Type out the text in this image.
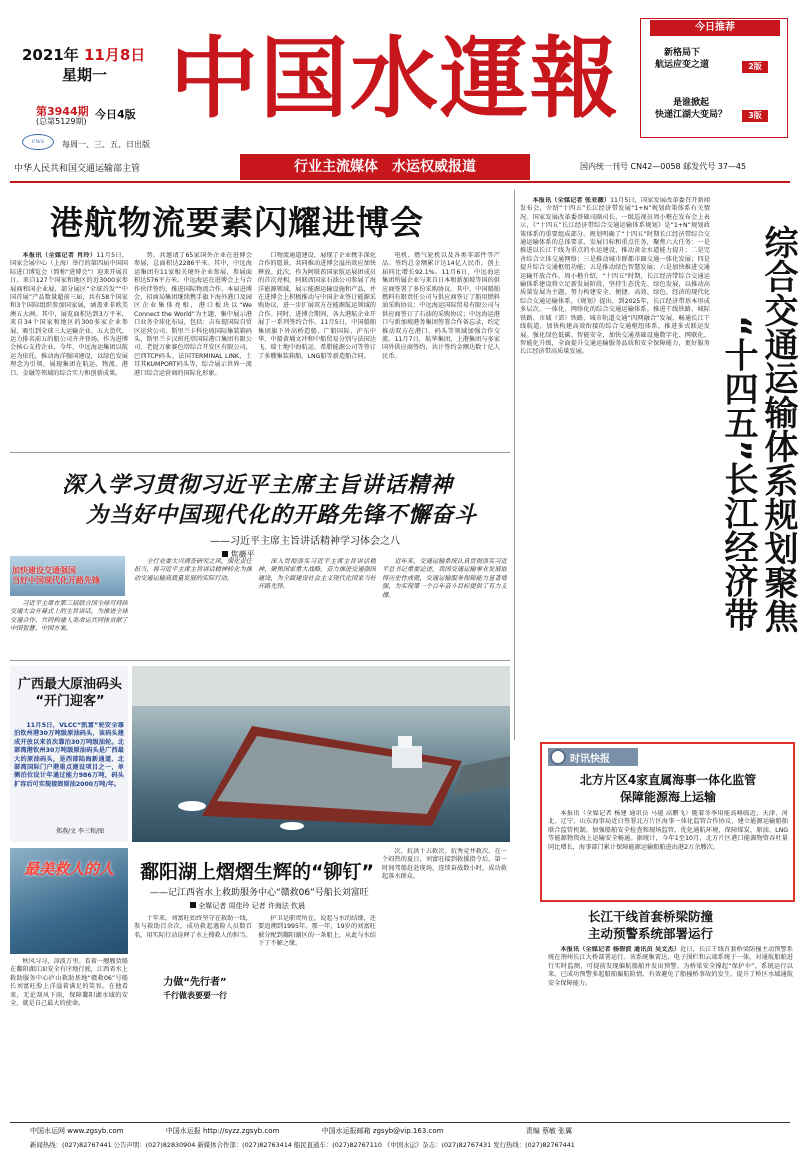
2021年 11月8日
星期一
第3944期
(总第5129期)
今日4版
CWS	每周一、三、五、日出版
中国水運報	今日推荐
新格局下
航运应变之道	2版
是谁掀起
快递江湖大变局？	3版
中华人民共和国交通运输部主管	行业主流媒体　 水运权威报道	国内统一刊号 CN42—0058 邮发代号 37—45
港航物流要素闪耀进博会

本报讯（全媒记者 肖玲）11月5日，国家会展中心（上海）举行的第四届中国国际进口博览会（简称“进博会”）迎来开展首日。来自127个国家和地区的近3000家参展商和国企业展，部分展区“全球首发”“中国首展”产品数量超前三届，共有58个国家和3个国际组织参加国家展，涵盖亚非欧美澳五大洲。其中，展览面积达到3万平米，来自34个国家和地区的300多家企业参展，吸引到全球三大运输企业、五大货代、运力排名前五的船公司齐齐登场。作为进博会核心支持企业，今年，中远海运集团以航运为依托，推动海洋强国建设，以绿色发展理念为引领，展现集团在航运、物流、港口、金融等领域的综合实力和创新成果。

势。共邀请了65家国外企业在进博会参展，总面积达2286平米。其中，中远海运集团有11家相关境外企业参展，参展面积达576平方米。中远海运在进博会上与合作伙伴签约，推进国际物流合作。本届进博会，招商局集团继续携手旗下海外港口及园区企业集体亮相，港口板块以“We Connect the World”为主题，集中展示港口业务全球化布局，包括：吉布提国际自贸区运营公司、斯里兰卡科伦坡国际集装箱码头、斯里兰卡汉班托塔国际港口集团有限公司、老挝万象赛色塔综合开发区有限公司，巴西TCP码头、法国TERMINAL LINK、土耳其KUMPORT码头等，综合展示世界一流港口综合运营商的国际化形象。

口物流通道建设，展现了企业携手深化合作的愿景，共同推动进博会溢出效应加快释放。此次，作为阿联酋国家航运展团成员的首次亮相，阿联酋国家石油公司参展了海洋能源领域，展示能源运输设施和产品，并在进博会上积极推动与中国企业签订能源采购协议，进一步扩展双方在能源航运领域的合作。同时，进博会期间，各大港航企业开展了一系列签约合作。11月5日，中国船舶集团旗下外高桥造船、广船国际、沪东中华、中船黄埔文冲和中船贸易分别与法国达飞、瑞士地中海航运、希腊能源公司等签订了多艘集装箱船、LNG船等新造船合同。

电机、燃气轮机以及各类零部件等产品。签约总金额累计达14亿人民币，创上届同比增长92.1%。11月6日，中远海运集团所属企业与来自日本和新加坡等国的供应商签署了多份采购协议。其中，中国船舶燃料有限责任公司与供应商签订了船用燃料油采购协议；中远海运国际贸易有限公司与供应商签订了石油的采购协议；中远海运港口与新加坡港务集团签署合作备忘录，约定推动双方在港口、码头等领域加强合作交流。11月7日，航华集团、上港集团与多家国外供应商签约，共计签约金额达数十亿人民币。

本报讯（全媒记者 张亚薇）11月5日，国家发展改革委召开新闻发布会，介绍“十四五”长江经济带发展“1+N”规划政策体系有关情况。国家发展改革委基础司副司长、一级巡视员周小楷在发布会上表示，《“十四五”长江经济带综合交通运输体系规划》是“1+N”规划政策体系的重要组成部分。规划明确了“十四五”时期长江经济带综合交通运输体系的总体要求、发展目标和重点任务，聚焦六大任务：一是推进以长江干线为重点的水运建设，推动黄金水道能力提升；二是完善综合立体交通网络；三是推动城市群都市圈交通一体化发展；四是提升综合交通枢纽功能；五是推动绿色智慧发展；六是加快推进交通运输开放合作。周小楷介绍，“十四五”时期，长江经济带综合交通运输体系建设将立足新发展阶段，坚持生态优先、绿色发展，以推动高质量发展为主题，努力构建安全、便捷、高效、绿色、经济的现代化综合交通运输体系。《规划》提出，到2025年，长江经济带基本形成多层次、一体化、网络化的综合交通运输体系。推进干线铁路、城际铁路、市域（郊）铁路、城市轨道交通“四网融合”发展，畅通长江干线航道，加快构建高效衔接的综合交通枢纽体系，推进多式联运发展。强化绿色低碳、智能安全，加快交通基础设施数字化、网联化、智能化升级，全面提升交通运输服务品质和安全保障能力，更好服务长江经济带高质量发展。	综合交通运输体系规划聚焦
“十四五”长江经济带
深入学习贯彻习近平主席主旨讲话精神
为当好中国现代化的开路先锋不懈奋斗
——习近平主席主旨讲话精神学习体会之八
焦薇平
加快建设交通强国
当好中国现代化开路先锋

习近平主席在第三届联合国全球可持续交通大会开幕式上的主旨讲话，为推进全球交通合作、共同构建人类命运共同体贡献了中国智慧、中国方案。

全行业要大兴调查研究之风，强化责任担当，将习近平主席主旨讲话精神转化为推动交通运输高质量发展的实际行动。

深入贯彻落实习近平主席主旨讲话精神，聚焦国家重大战略，奋力推进交通强国建设，为全面建设社会主义现代化国家当好开路先锋。

近年来，交通运输系统认真贯彻落实习近平总书记重要论述，我国交通运输事业发展取得历史性成就，交通运输服务保障能力显著增强，为实现第一个百年奋斗目标提供了有力支撑。

广西最大原油码头
“开门迎客”

11月5日，VLCC“凯富”轮安全靠泊钦州港30万吨级原油码头，该码头建成开放以来首次靠泊30万吨级油轮。北部湾港钦州30万吨级原油码头是广西最大的原油码头，是西部陆海新通道、北部湾国际门户港重点建设项目之一，单侧泊位设计年通过能力986万吨，码头扩容后可实现接卸原油2000万吨/年。

郑燕/文 李三和/图
最美救人的人	鄱阳湖上熠熠生辉的“铆钉”
——记江西省水上救助服务中心“赣救06”号船长刘富旺
全媒记者 周佳玲 记者 许海法 钦晨

秋风习习，凉波万里。看着一艘艘货船在鄱阳湖江面安全有序地行驶，江西省水上救助服务中心庐山救助基地“赣救06”号船长刘富旺脸上洋溢着满足的笑容。在他看来，无论刮风下雨，保障鄱阳湖水域的安全，就是自己最大的使命。

十年来，刘富旺始终坚守在救助一线，参与救助百余次，成功救起遇险人员数百名，用实际行动诠释了水上搜救人的担当。

力做“先行者”
千行做表要要一行

护卫是职责所在，说起与水的结缘，还要追溯到1995年。那一年，19岁的刘富旺被分配到鄱阳湖区的一条船上，从此与水结下了不解之缘。

次、抗洪十五救次、抗秀竞井救次。在一个闷热的夏日，刘富旺接到救援指令后，第一时间驾船赶赴现场，连续奋战数小时，成功救起落水群众。

时讯快报
北方片区4家直属海事一体化监管
保障能源海上运输

本报讯（全媒记者 杨建 通讯员 马越 高鹏飞）随着冬季用能高峰临近，天津、河北、辽宁、山东海事局近日签署北方片区海事一体化监管合作协议，建立能源运输船舶联合监管机制，加强船舶安全检查和现场监管，优化通航环境，保障煤炭、原油、LNG等能源物资海上运输安全畅通。据统计，今年1至10月，北方片区港口能源物资吞吐量同比增长，海事部门累计保障能源运输船舶进出港2万余艘次。

长江干线首套桥梁防撞
主动预警系统部署运行

本报讯（全媒记者 杨碧波 通讯员 吴文杰）近日，长江干线首套桥梁防撞主动预警系统在荆州长江大桥部署运行。该系统集雷达、电子围栏和云端系统于一体，对通航船舶进行实时监测，可提前发现偏航船舶并发出预警，为桥梁安全撑起“保护伞”。系统运行以来，已成功预警多起船舶偏航险情，有效避免了船撞桥事故的发生，提升了桥区水域通航安全保障能力。

中国水运网 www.zgsyb.com	中国水运报 http://syzz.zgsyb.com	中国水运报邮箱 zgsyb@vip.163.com	责编 蔡敏 张翼
新闻热线：(027)82767441 公告声明：(027)82830904 新媒体合作部：(027)82763414 船民直通车：(027)82767110 《中国水运》杂志：(027)82767431 发行热线：(027)82767441
